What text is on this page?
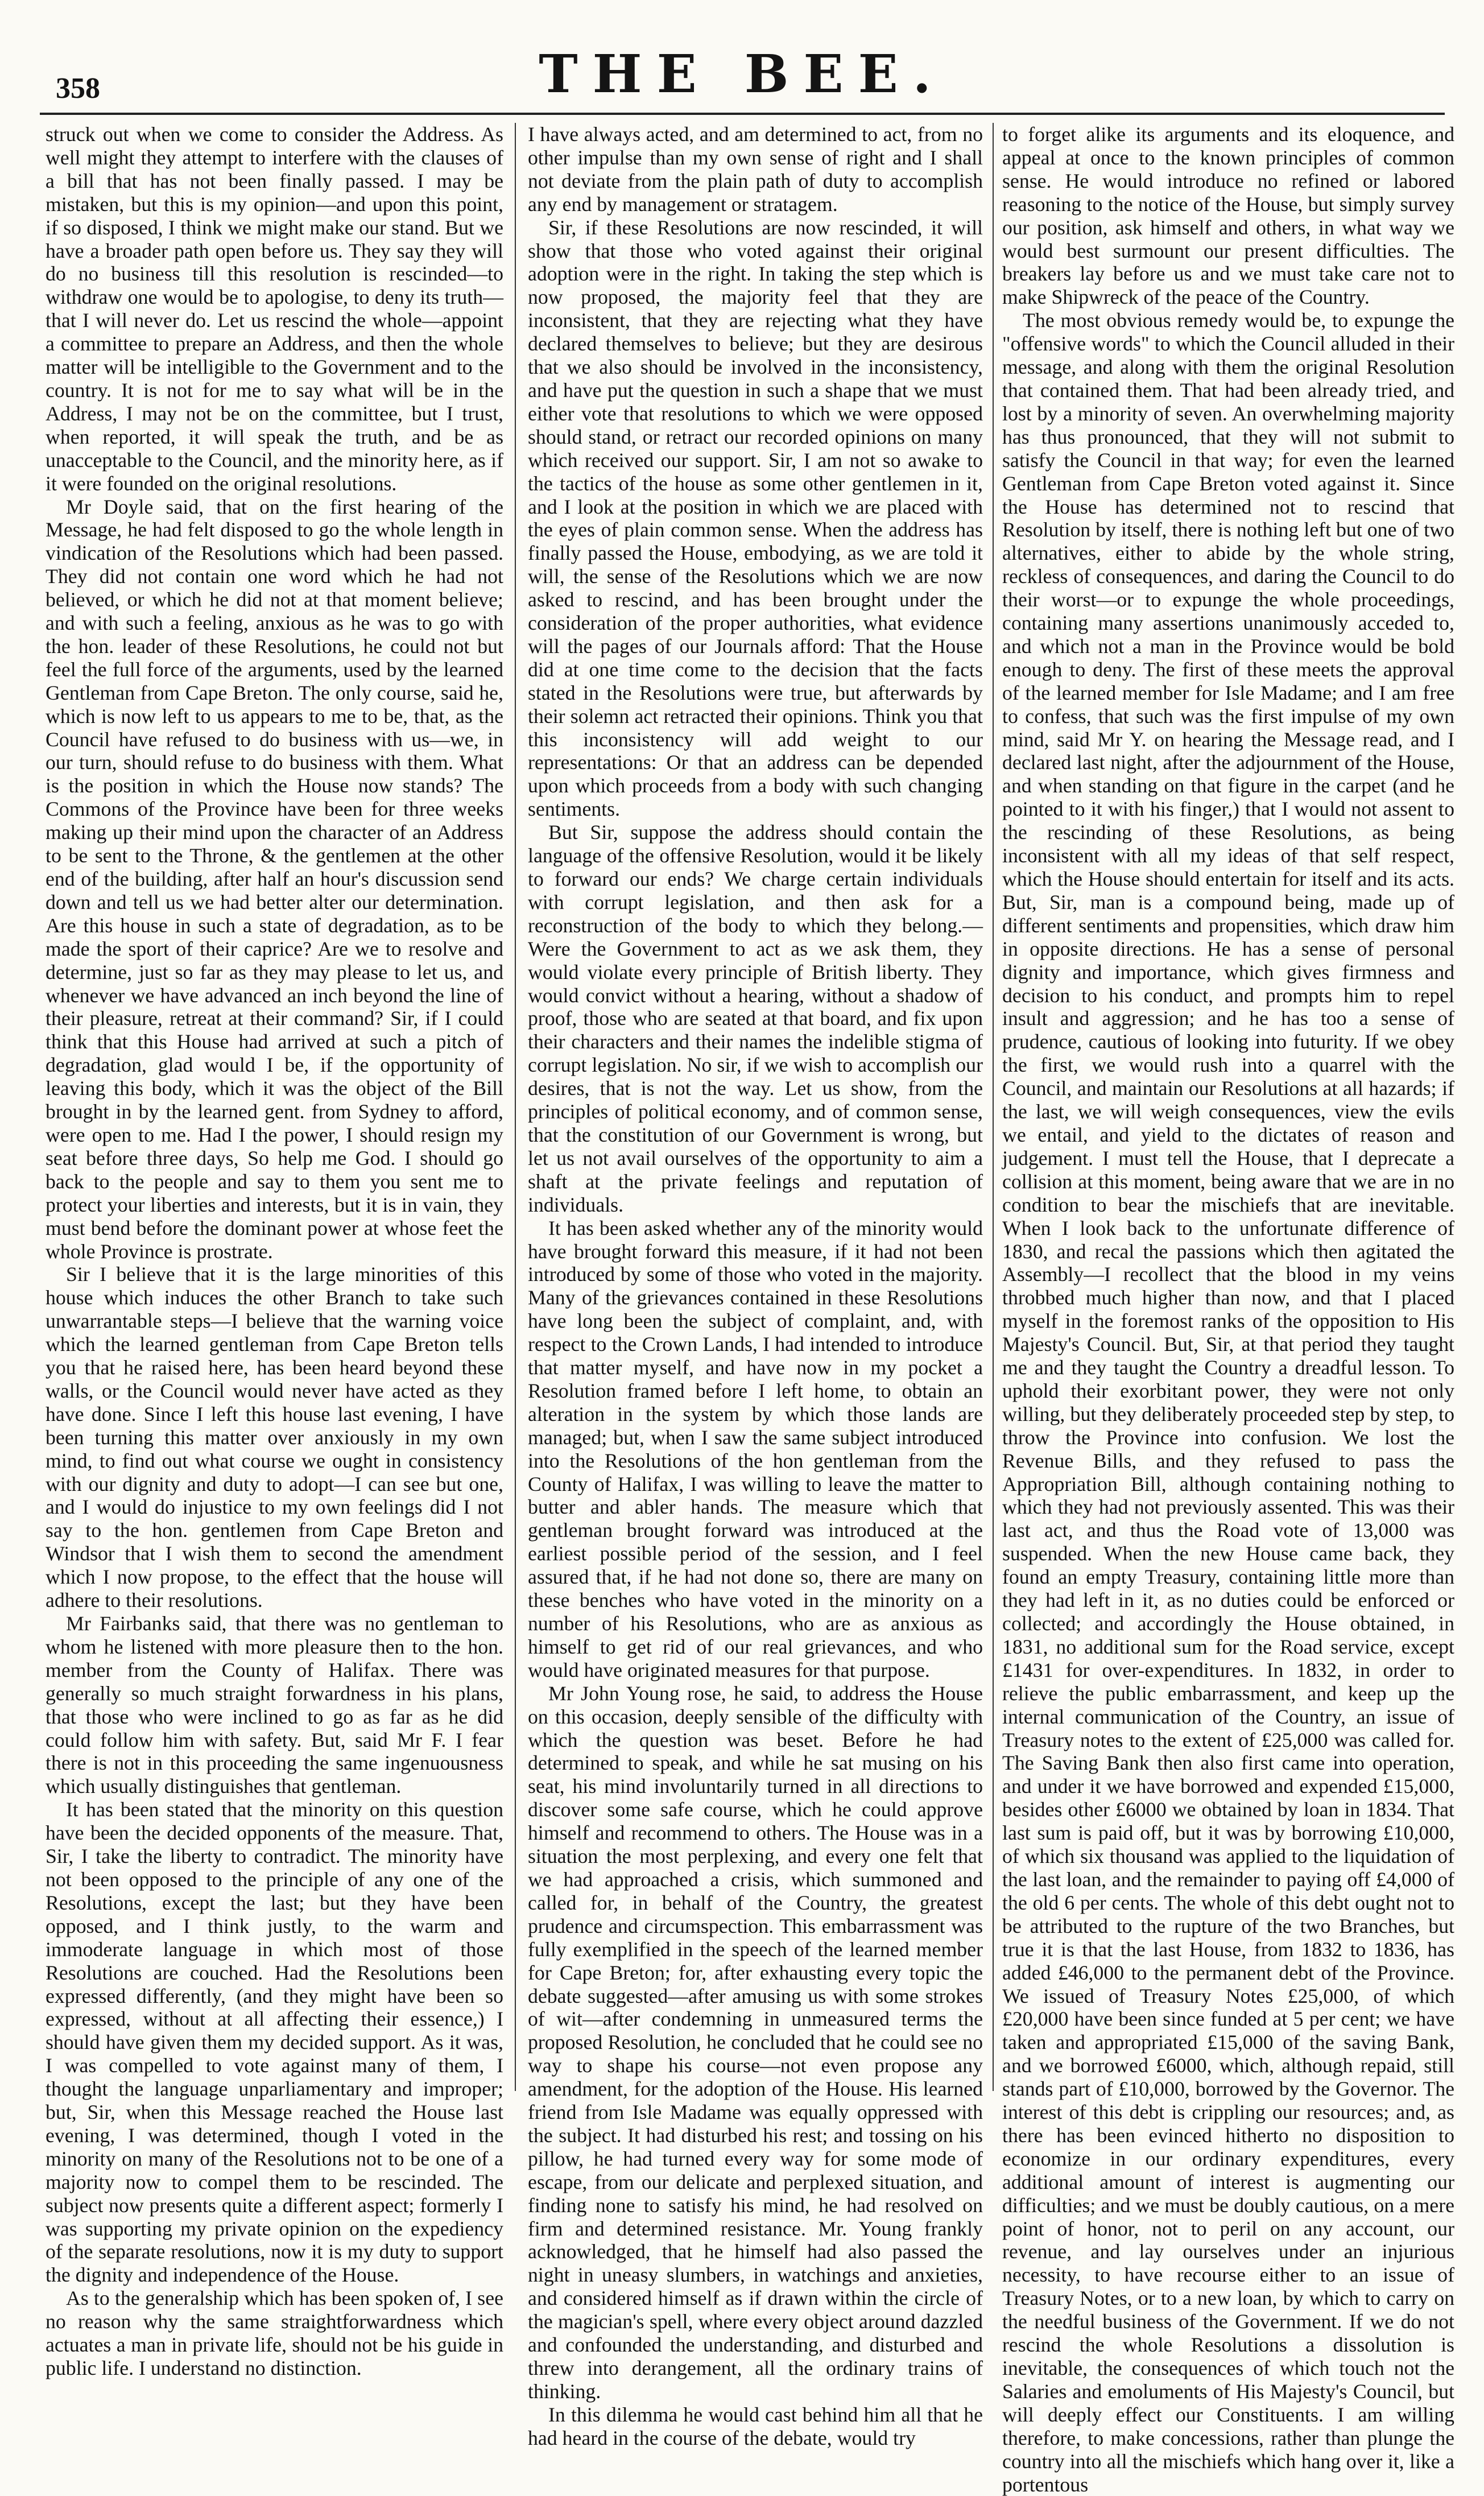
358	THE BEE.

struck out when we come to consider the Address. As well might they attempt to interfere with the clauses of a bill that has not been finally passed. I may be mistaken, but this is my opinion—and upon this point, if so disposed, I think we might make our stand. But we have a broader path open before us. They say they will do no business till this resolution is rescinded—to withdraw one would be to apologise, to deny its truth—that I will never do. Let us rescind the whole—appoint a committee to prepare an Address, and then the whole matter will be intelligible to the Government and to the country. It is not for me to say what will be in the Address, I may not be on the committee, but I trust, when reported, it will speak the truth, and be as unacceptable to the Council, and the minority here, as if it were founded on the original resolutions.

Mr Doyle said, that on the first hearing of the Message, he had felt disposed to go the whole length in vindication of the Resolutions which had been passed. They did not contain one word which he had not believed, or which he did not at that moment believe; and with such a feeling, anxious as he was to go with the hon. leader of these Resolutions, he could not but feel the full force of the arguments, used by the learned Gentleman from Cape Breton. The only course, said he, which is now left to us appears to me to be, that, as the Council have refused to do business with us—we, in our turn, should refuse to do business with them. What is the position in which the House now stands? The Commons of the Province have been for three weeks making up their mind upon the character of an Address to be sent to the Throne, & the gentlemen at the other end of the building, after half an hour's discussion send down and tell us we had better alter our determination. Are this house in such a state of degradation, as to be made the sport of their caprice? Are we to resolve and determine, just so far as they may please to let us, and whenever we have advanced an inch beyond the line of their pleasure, retreat at their command? Sir, if I could think that this House had arrived at such a pitch of degradation, glad would I be, if the opportunity of leaving this body, which it was the object of the Bill brought in by the learned gent. from Sydney to afford, were open to me. Had I the power, I should resign my seat before three days, So help me God. I should go back to the people and say to them you sent me to protect your liberties and interests, but it is in vain, they must bend before the dominant power at whose feet the whole Province is prostrate.

Sir I believe that it is the large minorities of this house which induces the other Branch to take such unwarrantable steps—I believe that the warning voice which the learned gentleman from Cape Breton tells you that he raised here, has been heard beyond these walls, or the Council would never have acted as they have done. Since I left this house last evening, I have been turning this matter over anxiously in my own mind, to find out what course we ought in consistency with our dignity and duty to adopt—I can see but one, and I would do injustice to my own feelings did I not say to the hon. gentlemen from Cape Breton and Windsor that I wish them to second the amendment which I now propose, to the effect that the house will adhere to their resolutions.

Mr Fairbanks said, that there was no gentleman to whom he listened with more pleasure then to the hon. member from the County of Halifax. There was generally so much straight forwardness in his plans, that those who were inclined to go as far as he did could follow him with safety. But, said Mr F. I fear there is not in this proceeding the same ingenuousness which usually distinguishes that gentleman.

It has been stated that the minority on this question have been the decided opponents of the measure. That, Sir, I take the liberty to contradict. The minority have not been opposed to the principle of any one of the Resolutions, except the last; but they have been opposed, and I think justly, to the warm and immoderate language in which most of those Resolutions are couched. Had the Resolutions been expressed differently, (and they might have been so expressed, without at all affecting their essence,) I should have given them my decided support. As it was, I was compelled to vote against many of them, I thought the language unparliamentary and improper; but, Sir, when this Message reached the House last evening, I was determined, though I voted in the minority on many of the Resolutions not to be one of a majority now to compel them to be rescinded. The subject now presents quite a different aspect; formerly I was supporting my private opinion on the expediency of the separate resolutions, now it is my duty to support the dignity and independence of the House.

As to the generalship which has been spoken of, I see no reason why the same straightforwardness which actuates a man in private life, should not be his guide in public life. I understand no distinction.

I have always acted, and am determined to act, from no other impulse than my own sense of right and I shall not deviate from the plain path of duty to accomplish any end by management or stratagem.

Sir, if these Resolutions are now rescinded, it will show that those who voted against their original adoption were in the right. In taking the step which is now proposed, the majority feel that they are inconsistent, that they are rejecting what they have declared themselves to believe; but they are desirous that we also should be involved in the inconsistency, and have put the question in such a shape that we must either vote that resolutions to which we were opposed should stand, or retract our recorded opinions on many which received our support. Sir, I am not so awake to the tactics of the house as some other gentlemen in it, and I look at the position in which we are placed with the eyes of plain common sense. When the address has finally passed the House, embodying, as we are told it will, the sense of the Resolutions which we are now asked to rescind, and has been brought under the consideration of the proper authorities, what evidence will the pages of our Journals afford: That the House did at one time come to the decision that the facts stated in the Resolutions were true, but afterwards by their solemn act retracted their opinions. Think you that this inconsistency will add weight to our representations: Or that an address can be depended upon which proceeds from a body with such changing sentiments.

But Sir, suppose the address should contain the language of the offensive Resolution, would it be likely to forward our ends? We charge certain individuals with corrupt legislation, and then ask for a reconstruction of the body to which they belong.—Were the Government to act as we ask them, they would violate every principle of British liberty. They would convict without a hearing, without a shadow of proof, those who are seated at that board, and fix upon their characters and their names the indelible stigma of corrupt legislation. No sir, if we wish to accomplish our desires, that is not the way. Let us show, from the principles of political economy, and of common sense, that the constitution of our Government is wrong, but let us not avail ourselves of the opportunity to aim a shaft at the private feelings and reputation of individuals.

It has been asked whether any of the minority would have brought forward this measure, if it had not been introduced by some of those who voted in the majority. Many of the grievances contained in these Resolutions have long been the subject of complaint, and, with respect to the Crown Lands, I had intended to introduce that matter myself, and have now in my pocket a Resolution framed before I left home, to obtain an alteration in the system by which those lands are managed; but, when I saw the same subject introduced into the Resolutions of the hon gentleman from the County of Halifax, I was willing to leave the matter to butter and abler hands. The measure which that gentleman brought forward was introduced at the earliest possible period of the session, and I feel assured that, if he had not done so, there are many on these benches who have voted in the minority on a number of his Resolutions, who are as anxious as himself to get rid of our real grievances, and who would have originated measures for that purpose.

Mr John Young rose, he said, to address the House on this occasion, deeply sensible of the difficulty with which the question was beset. Before he had determined to speak, and while he sat musing on his seat, his mind involuntarily turned in all directions to discover some safe course, which he could approve himself and recommend to others. The House was in a situation the most perplexing, and every one felt that we had approached a crisis, which summoned and called for, in behalf of the Country, the greatest prudence and circumspection. This embarrassment was fully exemplified in the speech of the learned member for Cape Breton; for, after exhausting every topic the debate suggested—after amusing us with some strokes of wit—after condemning in unmeasured terms the proposed Resolution, he concluded that he could see no way to shape his course—not even propose any amendment, for the adoption of the House. His learned friend from Isle Madame was equally oppressed with the subject. It had disturbed his rest; and tossing on his pillow, he had turned every way for some mode of escape, from our delicate and perplexed situation, and finding none to satisfy his mind, he had resolved on firm and determined resistance. Mr. Young frankly acknowledged, that he himself had also passed the night in uneasy slumbers, in watchings and anxieties, and considered himself as if drawn within the circle of the magician's spell, where every object around dazzled and confounded the understanding, and disturbed and threw into derangement, all the ordinary trains of thinking.

In this dilemma he would cast behind him all that he had heard in the course of the debate, would try

to forget alike its arguments and its eloquence, and appeal at once to the known principles of common sense. He would introduce no refined or labored reasoning to the notice of the House, but simply survey our position, ask himself and others, in what way we would best surmount our present difficulties. The breakers lay before us and we must take care not to make Shipwreck of the peace of the Country.

The most obvious remedy would be, to expunge the "offensive words" to which the Council alluded in their message, and along with them the original Resolution that contained them. That had been already tried, and lost by a minority of seven. An overwhelming majority has thus pronounced, that they will not submit to satisfy the Council in that way; for even the learned Gentleman from Cape Breton voted against it. Since the House has determined not to rescind that Resolution by itself, there is nothing left but one of two alternatives, either to abide by the whole string, reckless of consequences, and daring the Council to do their worst—or to expunge the whole proceedings, containing many assertions unanimously acceded to, and which not a man in the Province would be bold enough to deny. The first of these meets the approval of the learned member for Isle Madame; and I am free to confess, that such was the first impulse of my own mind, said Mr Y. on hearing the Message read, and I declared last night, after the adjournment of the House, and when standing on that figure in the carpet (and he pointed to it with his finger,) that I would not assent to the rescinding of these Resolutions, as being inconsistent with all my ideas of that self respect, which the House should entertain for itself and its acts. But, Sir, man is a compound being, made up of different sentiments and propensities, which draw him in opposite directions. He has a sense of personal dignity and importance, which gives firmness and decision to his conduct, and prompts him to repel insult and aggression; and he has too a sense of prudence, cautious of looking into futurity. If we obey the first, we would rush into a quarrel with the Council, and maintain our Resolutions at all hazards; if the last, we will weigh consequences, view the evils we entail, and yield to the dictates of reason and judgement. I must tell the House, that I deprecate a collision at this moment, being aware that we are in no condition to bear the mischiefs that are inevitable. When I look back to the unfortunate difference of 1830, and recal the passions which then agitated the Assembly—I recollect that the blood in my veins throbbed much higher than now, and that I placed myself in the foremost ranks of the opposition to His Majesty's Council. But, Sir, at that period they taught me and they taught the Country a dreadful lesson. To uphold their exorbitant power, they were not only willing, but they deliberately proceeded step by step, to throw the Province into confusion. We lost the Revenue Bills, and they refused to pass the Appropriation Bill, although containing nothing to which they had not previously assented. This was their last act, and thus the Road vote of 13,000 was suspended. When the new House came back, they found an empty Treasury, containing little more than they had left in it, as no duties could be enforced or collected; and accordingly the House obtained, in 1831, no additional sum for the Road service, except £1431 for over-expenditures. In 1832, in order to relieve the public embarrassment, and keep up the internal communication of the Country, an issue of Treasury notes to the extent of £25,000 was called for. The Saving Bank then also first came into operation, and under it we have borrowed and expended £15,000, besides other £6000 we obtained by loan in 1834. That last sum is paid off, but it was by borrowing £10,000, of which six thousand was applied to the liquidation of the last loan, and the remainder to paying off £4,000 of the old 6 per cents. The whole of this debt ought not to be attributed to the rupture of the two Branches, but true it is that the last House, from 1832 to 1836, has added £46,000 to the permanent debt of the Province. We issued of Treasury Notes £25,000, of which £20,000 have been since funded at 5 per cent; we have taken and appropriated £15,000 of the saving Bank, and we borrowed £6000, which, although repaid, still stands part of £10,000, borrowed by the Governor. The interest of this debt is crippling our resources; and, as there has been evinced hitherto no disposition to economize in our ordinary expenditures, every additional amount of interest is augmenting our difficulties; and we must be doubly cautious, on a mere point of honor, not to peril on any account, our revenue, and lay ourselves under an injurious necessity, to have recourse either to an issue of Treasury Notes, or to a new loan, by which to carry on the needful business of the Government. If we do not rescind the whole Resolutions a dissolution is inevitable, the consequences of which touch not the Salaries and emoluments of His Majesty's Council, but will deeply effect our Constituents. I am willing therefore, to make concessions, rather than plunge the country into all the mischiefs which hang over it, like a portentous
